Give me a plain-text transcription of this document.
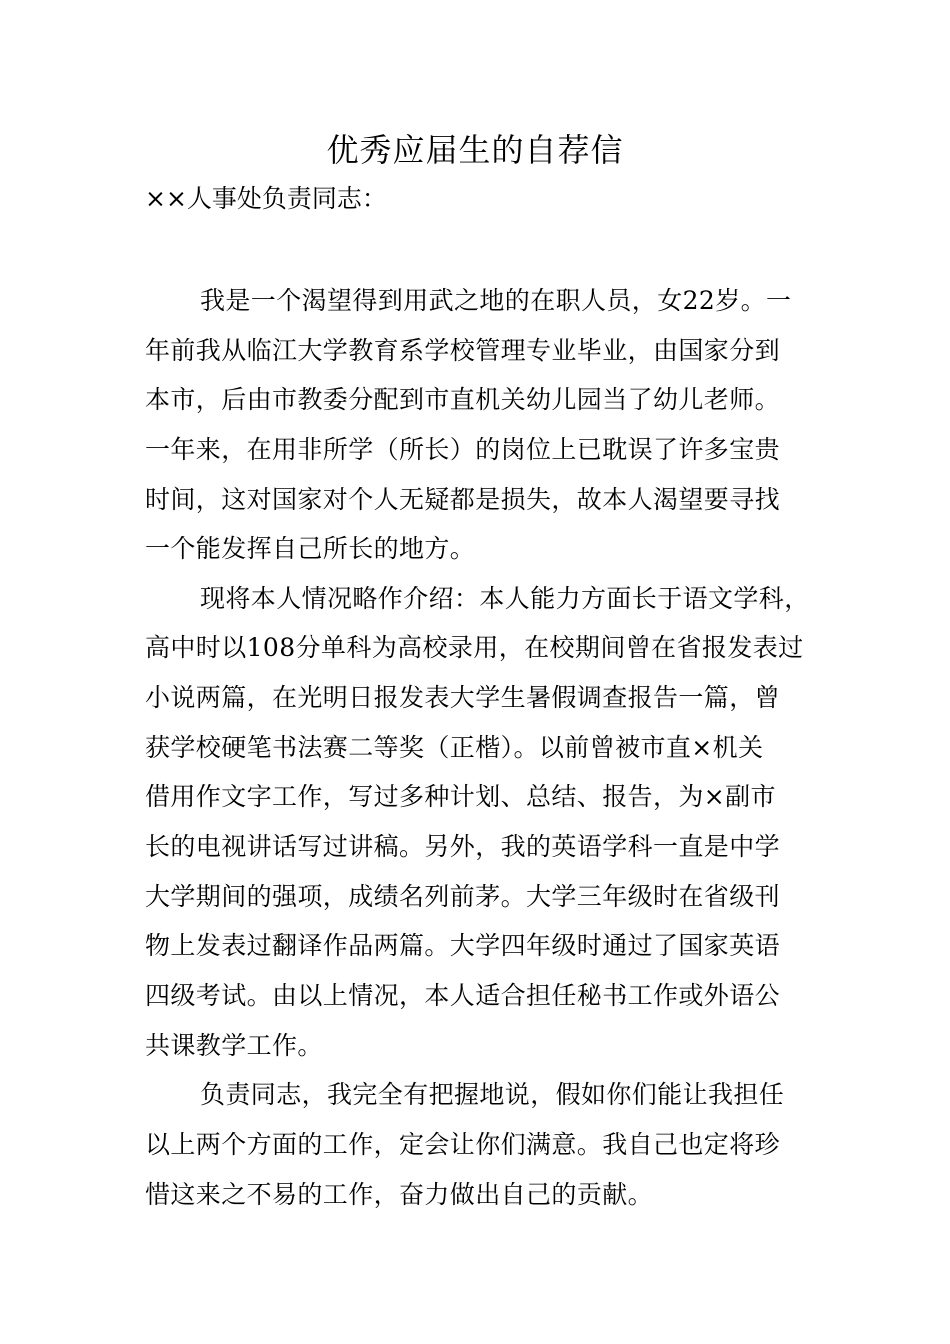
优秀应届生的自荐信
××人事处负责同志：
我是一个渴望得到用武之地的在职人员，女22岁。一
年前我从临江大学教育系学校管理专业毕业，由国家分到
本市，后由市教委分配到市直机关幼儿园当了幼儿老师。
一年来，在用非所学（所长）的岗位上已耽误了许多宝贵
时间，这对国家对个人无疑都是损失，故本人渴望要寻找
一个能发挥自己所长的地方。
现将本人情况略作介绍：本人能力方面长于语文学科，
高中时以108分单科为高校录用，在校期间曾在省报发表过
小说两篇，在光明日报发表大学生暑假调查报告一篇，曾
获学校硬笔书法赛二等奖（正楷）。以前曾被市直×机关
借用作文字工作，写过多种计划、总结、报告，为×副市
长的电视讲话写过讲稿。另外，我的英语学科一直是中学
大学期间的强项，成绩名列前茅。大学三年级时在省级刊
物上发表过翻译作品两篇。大学四年级时通过了国家英语
四级考试。由以上情况，本人适合担任秘书工作或外语公
共课教学工作。
负责同志，我完全有把握地说，假如你们能让我担任
以上两个方面的工作，定会让你们满意。我自己也定将珍
惜这来之不易的工作，奋力做出自己的贡献。
